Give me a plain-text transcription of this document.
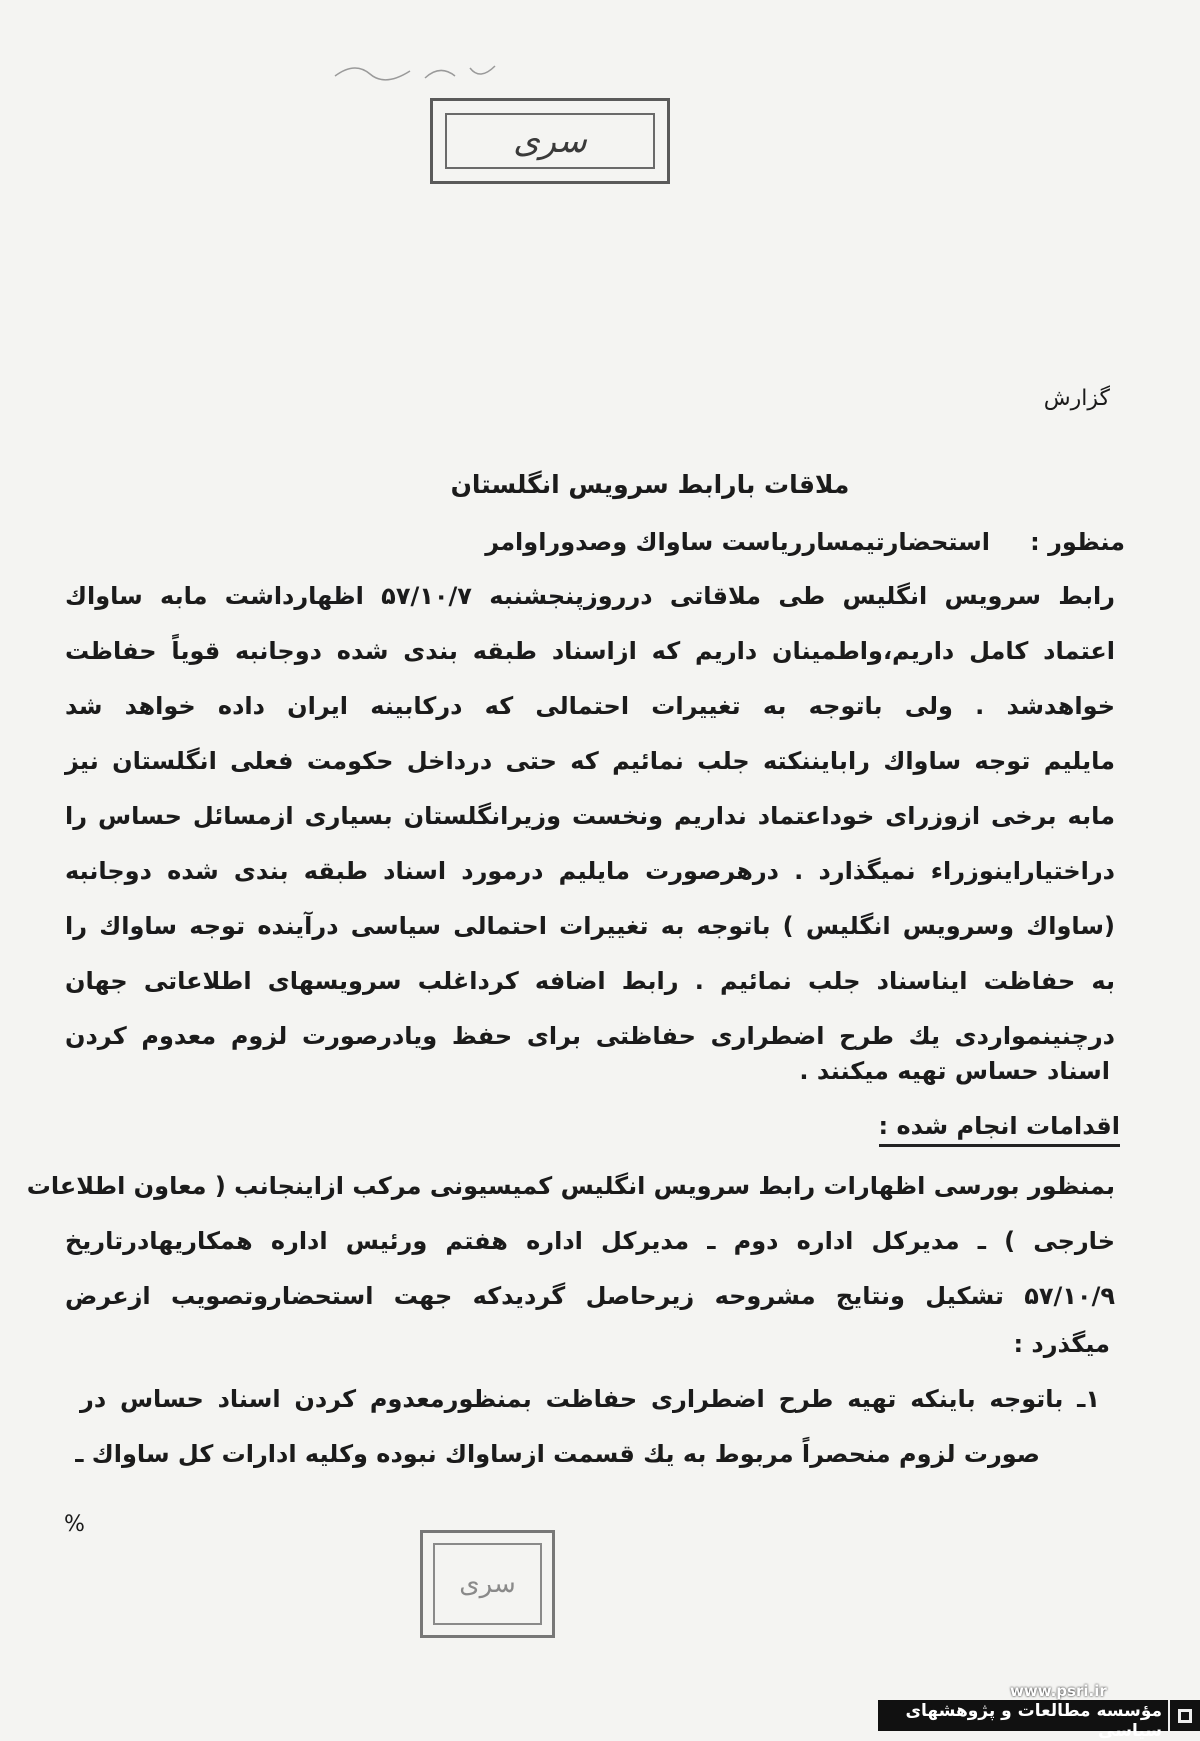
سری
گزارش
ملاقات بارابط سرویس انگلستان
منظور :
استحضارتیمسارریاست ساواك وصدوراوامر
رابط سرویس انگلیس طی ملاقاتی درروزپنجشنبه ۵۷/۱۰/۷ اظهارداشت مابه ساواك
اعتماد کامل داریم،واطمینان داریم که ازاسناد طبقه بندی شده دوجانبه قویاً حفاظت
خواهدشد . ولی باتوجه به تغییرات احتمالی که درکابینه ایران داده خواهد شد
مایلیم توجه ساواك رابایننکته جلب نمائیم که حتی درداخل حکومت فعلی انگلستان نیز
مابه برخی ازوزرای خوداعتماد نداریم ونخست وزیرانگلستان بسیاری ازمسائل حساس را
دراختیاراینوزراء نمیگذارد . درهرصورت مایلیم درمورد اسناد طبقه بندی شده دوجانبه
(ساواك وسرویس انگلیس ) باتوجه به تغییرات احتمالی سیاسی درآینده توجه ساواك را
به حفاظت ایناسناد جلب نمائیم . رابط اضافه کرداغلب سرویسهای اطلاعاتی جهان
درچنینمواردی یك طرح اضطراری حفاظتی برای حفظ ویادرصورت لزوم معدوم کردن
اسناد حساس تهیه میکنند .
اقدامات انجام شده :
بمنظور بورسی اظهارات رابط سرویس انگلیس کمیسیونی مرکب ازاینجانب ( معاون اطلاعات
خارجی ) ـ مدیرکل اداره دوم ـ مدیرکل اداره هفتم ورئیس اداره همکاریهادرتاریخ
۵۷/۱۰/۹ تشکیل ونتایج مشروحه زیرحاصل گردیدکه جهت استحضاروتصویب ازعرض
میگذرد :
۱ـ باتوجه باینکه تهیه طرح اضطراری حفاظت بمنظورمعدوم کردن اسناد حساس در
صورت لزوم منحصراً مربوط به یك قسمت ازساواك نبوده وکلیه ادارات کل ساواك ـ
%
سری
www.psri.ir
مؤسسه مطالعات و پژوهشهای سیاسی
